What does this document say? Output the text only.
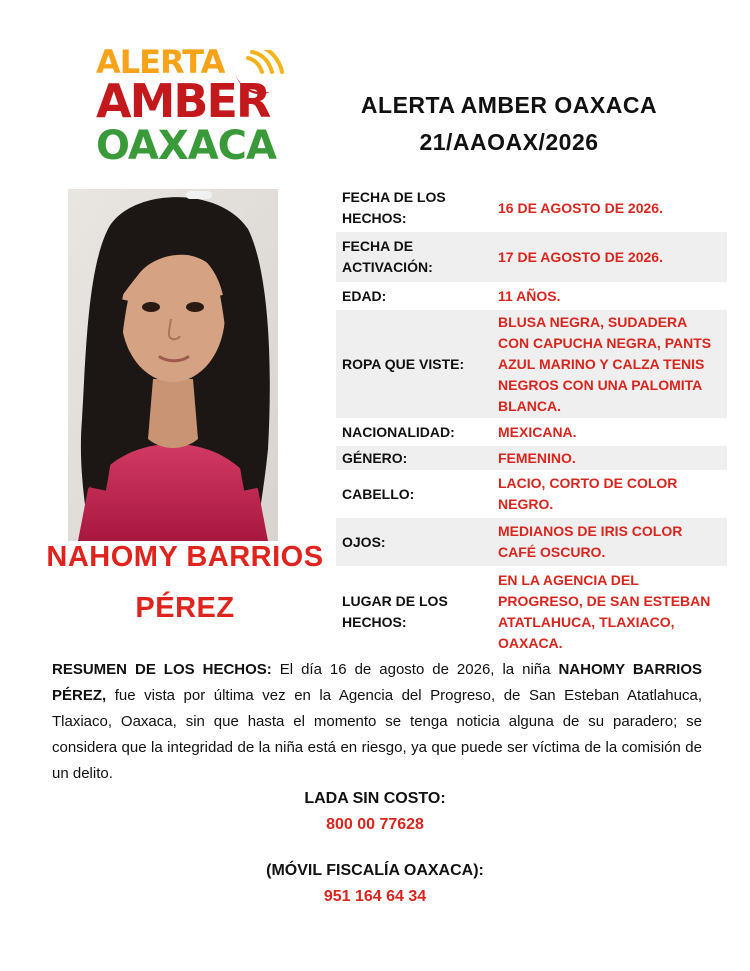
ALERTA
AMBER
OAXACA
ALERTA AMBER OAXACA
21/AAOAX/2026
NAHOMY BARRIOS
PÉREZ
FECHA DE LOS HECHOS:
16 DE AGOSTO DE 2026.
FECHA DE ACTIVACIÓN:
17 DE AGOSTO DE 2026.
EDAD:	11 AÑOS.
ROPA QUE VISTE:
BLUSA NEGRA, SUDADERA CON CAPUCHA NEGRA, PANTS AZUL MARINO Y CALZA TENIS NEGROS CON UNA PALOMITA BLANCA.
NACIONALIDAD:	MEXICANA.
GÉNERO:	FEMENINO.
CABELLO:
LACIO, CORTO DE COLOR NEGRO.
OJOS:
MEDIANOS DE IRIS COLOR CAFÉ OSCURO.
LUGAR DE LOS HECHOS:
EN LA AGENCIA DEL PROGRESO, DE SAN ESTEBAN ATATLAHUCA, TLAXIACO, OAXACA.
RESUMEN DE LOS HECHOS: El día 16 de agosto de 2026, la niña NAHOMY BARRIOS PÉREZ, fue vista por última vez en la Agencia del Progreso, de San Esteban Atatlahuca, Tlaxiaco, Oaxaca, sin que hasta el momento se tenga noticia alguna de su paradero; se considera que la integridad de la niña está en riesgo, ya que puede ser víctima de la comisión de un delito.
LADA SIN COSTO:
800 00 77628
(MÓVIL FISCALÍA OAXACA):
951 164 64 34
